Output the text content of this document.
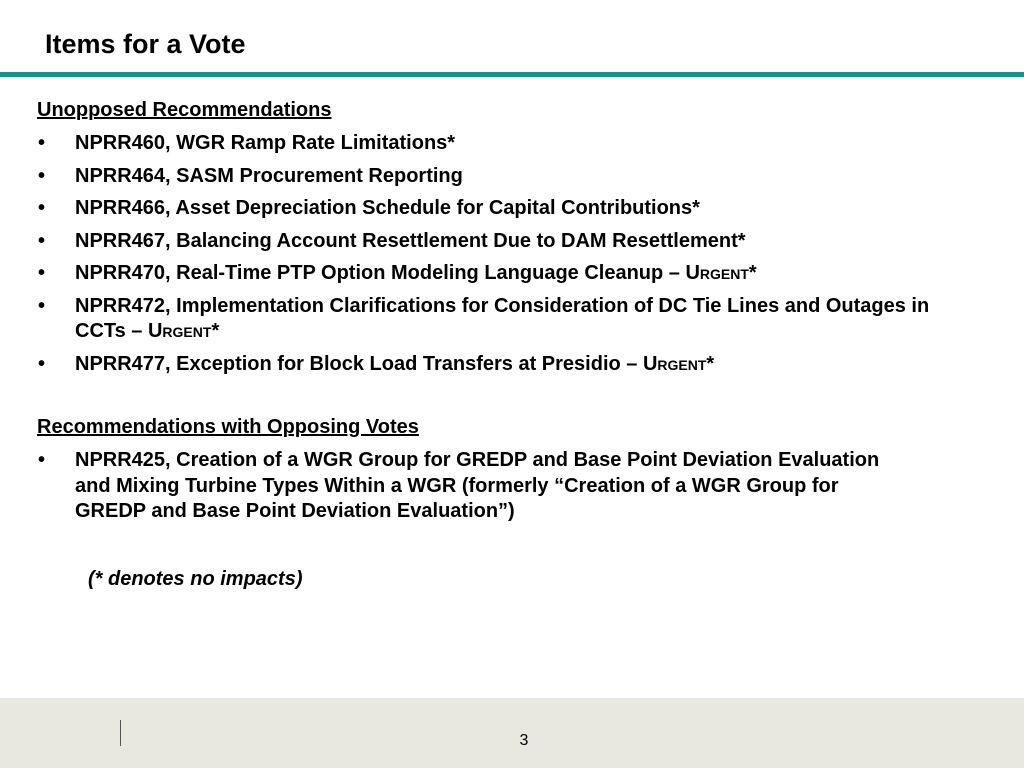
Items for a Vote
Unopposed Recommendations
•	NPRR460, WGR Ramp Rate Limitations*
•	NPRR464, SASM Procurement Reporting
•	NPRR466, Asset Depreciation Schedule for Capital Contributions*
•	NPRR467, Balancing Account Resettlement Due to DAM Resettlement*
•	NPRR470, Real-Time PTP Option Modeling Language Cleanup – Urgent*
•	NPRR472, Implementation Clarifications for Consideration of DC Tie Lines and Outages in CCTs – Urgent*
•	NPRR477, Exception for Block Load Transfers at Presidio – Urgent*
Recommendations with Opposing Votes
•	NPRR425, Creation of a WGR Group for GREDP and Base Point Deviation Evaluation and Mixing Turbine Types Within a WGR (formerly “Creation of a WGR Group for GREDP and Base Point Deviation Evaluation”)
(* denotes no impacts)
3
